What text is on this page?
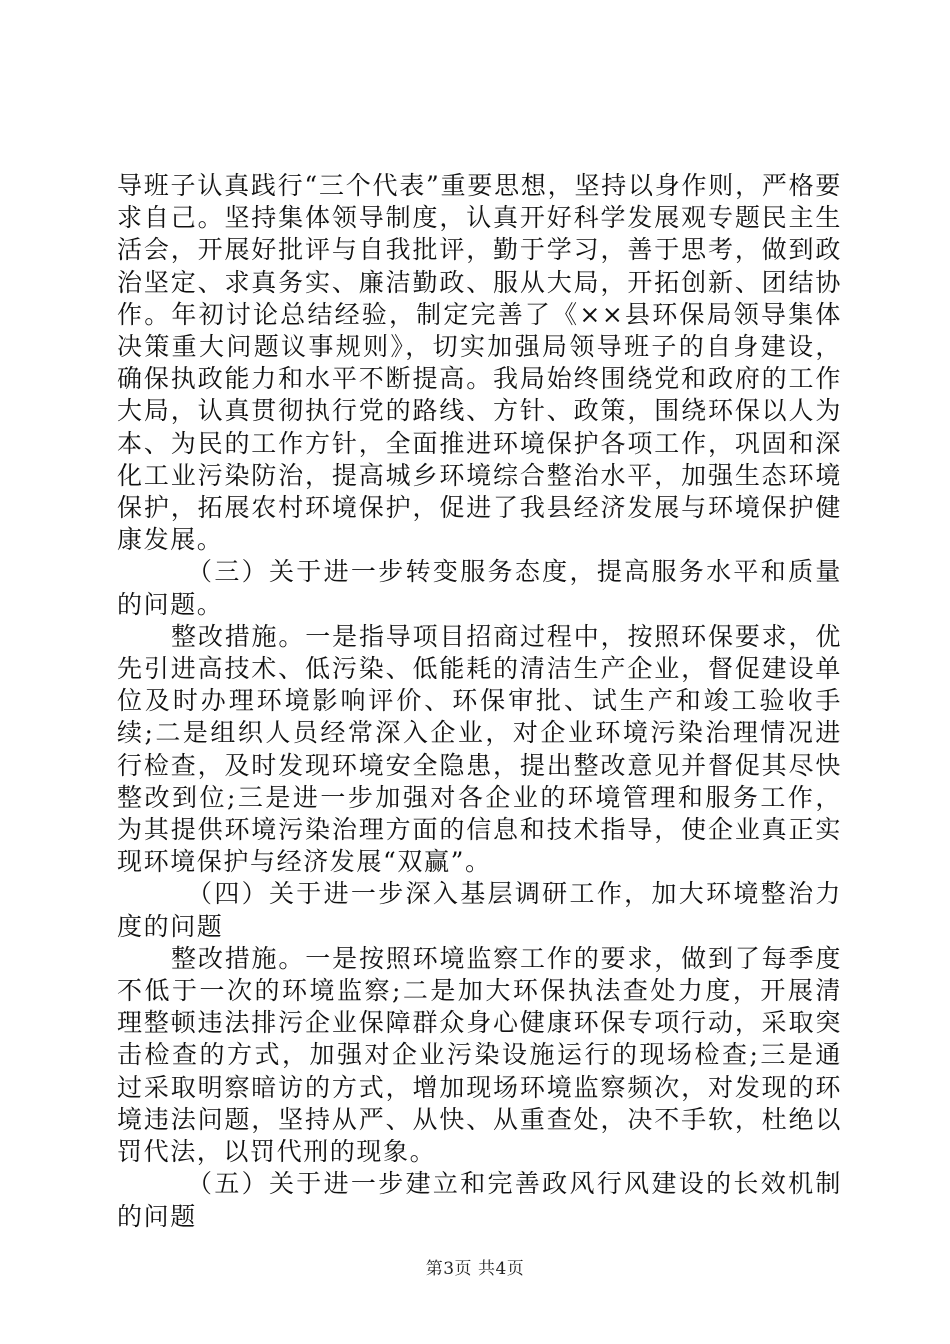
导班子认真践行“三个代表”重要思想，坚持以身作则，严格要求自己。坚持集体领导制度，认真开好科学发展观专题民主生活会，开展好批评与自我批评，勤于学习，善于思考，做到政治坚定、求真务实、廉洁勤政、服从大局，开拓创新、团结协作。年初讨论总结经验，制定完善了《××县环保局领导集体决策重大问题议事规则》，切实加强局领导班子的自身建设，确保执政能力和水平不断提高。我局始终围绕党和政府的工作大局，认真贯彻执行党的路线、方针、政策，围绕环保以人为本、为民的工作方针，全面推进环境保护各项工作，巩固和深化工业污染防治，提高城乡环境综合整治水平，加强生态环境保护，拓展农村环境保护，促进了我县经济发展与环境保护健康发展。

（三）关于进一步转变服务态度，提高服务水平和质量的问题。

整改措施。一是指导项目招商过程中，按照环保要求，优先引进高技术、低污染、低能耗的清洁生产企业，督促建设单位及时办理环境影响评价、环保审批、试生产和竣工验收手续;二是组织人员经常深入企业，对企业环境污染治理情况进行检查，及时发现环境安全隐患，提出整改意见并督促其尽快整改到位;三是进一步加强对各企业的环境管理和服务工作，为其提供环境污染治理方面的信息和技术指导，使企业真正实现环境保护与经济发展“双赢”。

（四）关于进一步深入基层调研工作，加大环境整治力度的问题

整改措施。一是按照环境监察工作的要求，做到了每季度不低于一次的环境监察;二是加大环保执法查处力度，开展清理整顿违法排污企业保障群众身心健康环保专项行动，采取突击检查的方式，加强对企业污染设施运行的现场检查;三是通过采取明察暗访的方式，增加现场环境监察频次，对发现的环境违法问题，坚持从严、从快、从重查处，决不手软，杜绝以罚代法，以罚代刑的现象。

（五）关于进一步建立和完善政风行风建设的长效机制的问题

第3页 共4页
